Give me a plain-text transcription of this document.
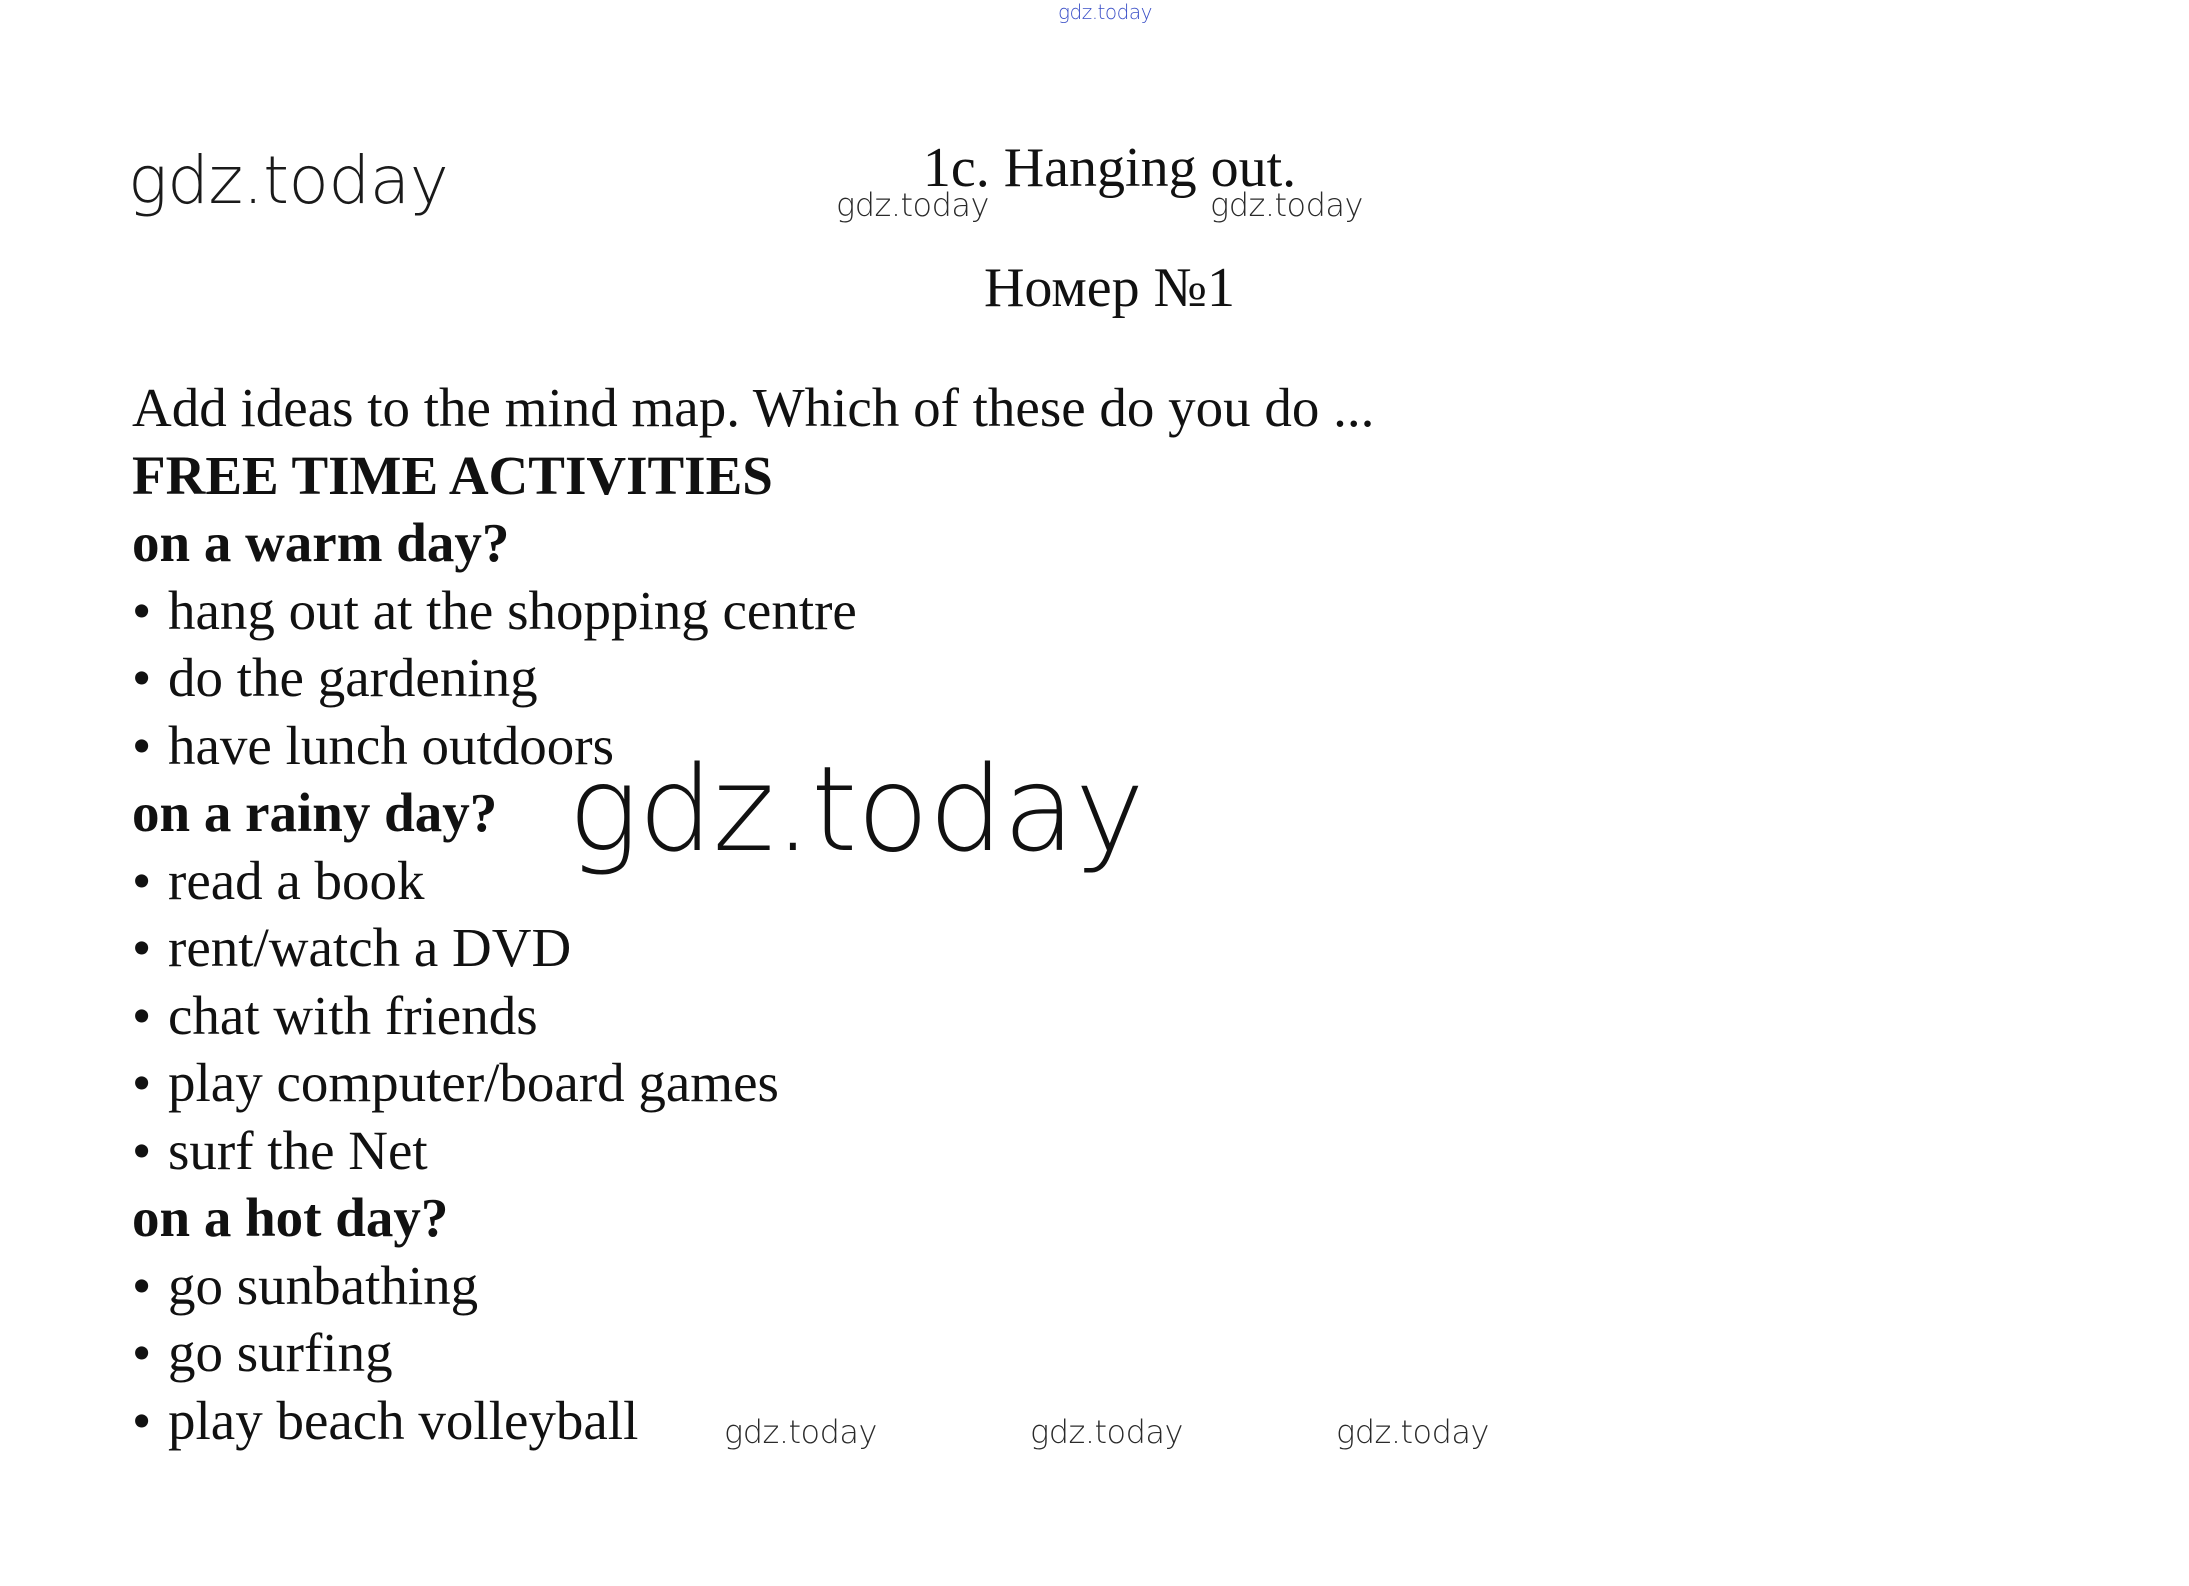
gdz.today
gdz.today	gdz.today	gdz.today
gdz.today
gdz.today	gdz.today	gdz.today
1c. Hanging out.
Номер №1
Add ideas to the mind map. Which of these do you do ...
FREE TIME ACTIVITIES
on a warm day?
• hang out at the shopping centre
• do the gardening
• have lunch outdoors
on a rainy day?
• read a book
• rent/watch a DVD
• chat with friends
• play computer/board games
• surf the Net
on a hot day?
• go sunbathing
• go surfing
• play beach volleyball
